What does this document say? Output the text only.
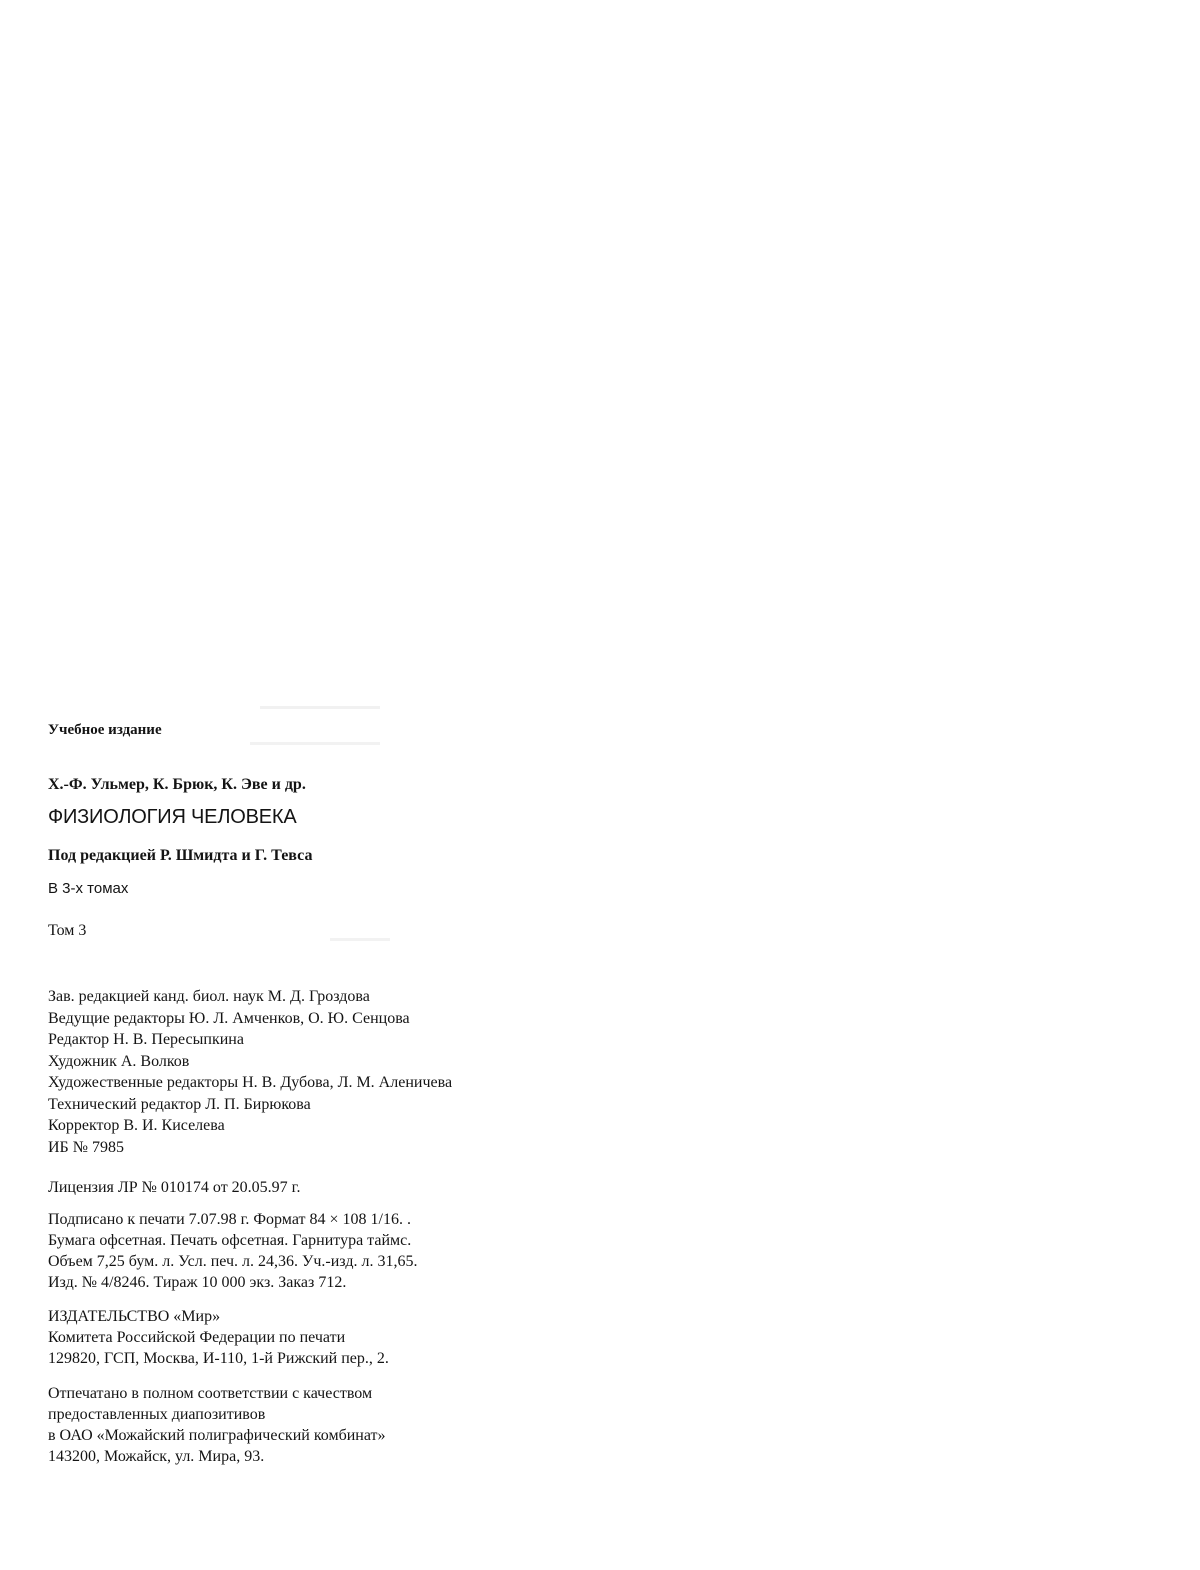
Учебное издание
Х.-Ф. Ульмер, К. Брюк, К. Эве и др.
ФИЗИОЛОГИЯ ЧЕЛОВЕКА
Под редакцией Р. Шмидта и Г. Тевса
В 3-х томах
Том 3
Зав. редакцией канд. биол. наук М. Д. Гроздова
Ведущие редакторы Ю. Л. Амченков, О. Ю. Сенцова
Редактор Н. В. Пересыпкина
Художник А. Волков
Художественные редакторы Н. В. Дубова, Л. М. Аленичева
Технический редактор Л. П. Бирюкова
Корректор В. И. Киселева
ИБ № 7985
Лицензия ЛР № 010174 от 20.05.97 г.
Подписано к печати 7.07.98 г. Формат 84 × 108 1/16. .
Бумага офсетная. Печать офсетная. Гарнитура таймс.
Объем 7,25 бум. л. Усл. печ. л. 24,36. Уч.-изд. л. 31,65.
Изд. № 4/8246. Тираж 10 000 экз. Заказ 712.
ИЗДАТЕЛЬСТВО «Мир»
Комитета Российской Федерации по печати
129820, ГСП, Москва, И-110, 1-й Рижский пер., 2.
Отпечатано в полном соответствии с качеством
предоставленных диапозитивов
в ОАО «Можайский полиграфический комбинат»
143200, Можайск, ул. Мира, 93.
